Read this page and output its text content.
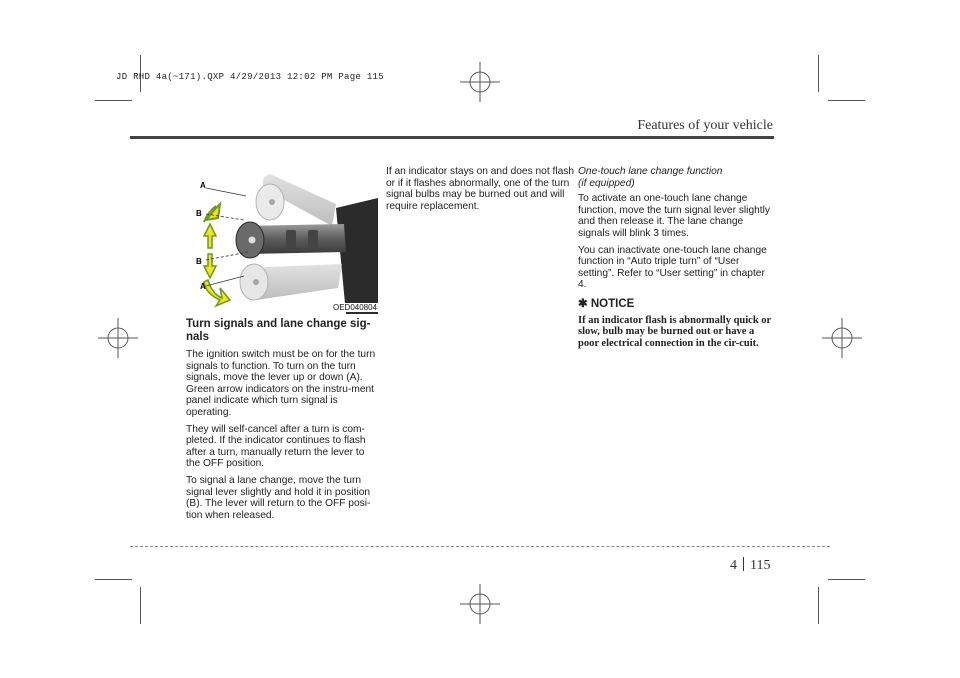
JD RHD 4a(~171).QXP 4/29/2013 12:02 PM Page 115
Features of your vehicle
A
B
B
A
OED040804
Turn signals and lane change sig-nals

The ignition switch must be on for the turn signals to function. To turn on the turn signals, move the lever up or down (A). Green arrow indicators on the instru-ment panel indicate which turn signal is operating.

They will self-cancel after a turn is com-pleted. If the indicator continues to flash after a turn, manually return the lever to the OFF position.

To signal a lane change, move the turn signal lever slightly and hold it in position (B). The lever will return to the OFF posi-tion when released.

If an indicator stays on and does not flash or if it flashes abnormally, one of the turn signal bulbs may be burned out and will require replacement.

One-touch lane change function
(if equipped)

To activate an one-touch lane change function, move the turn signal lever slightly and then release it. The lane change signals will blink 3 times.

You can inactivate one-touch lane change function in “Auto triple turn” of “User setting”. Refer to “User setting” in chapter 4.

✱ NOTICE
If an indicator flash is abnormally quick or slow, bulb may be burned out or have a poor electrical connection in the cir-cuit.
4 115
